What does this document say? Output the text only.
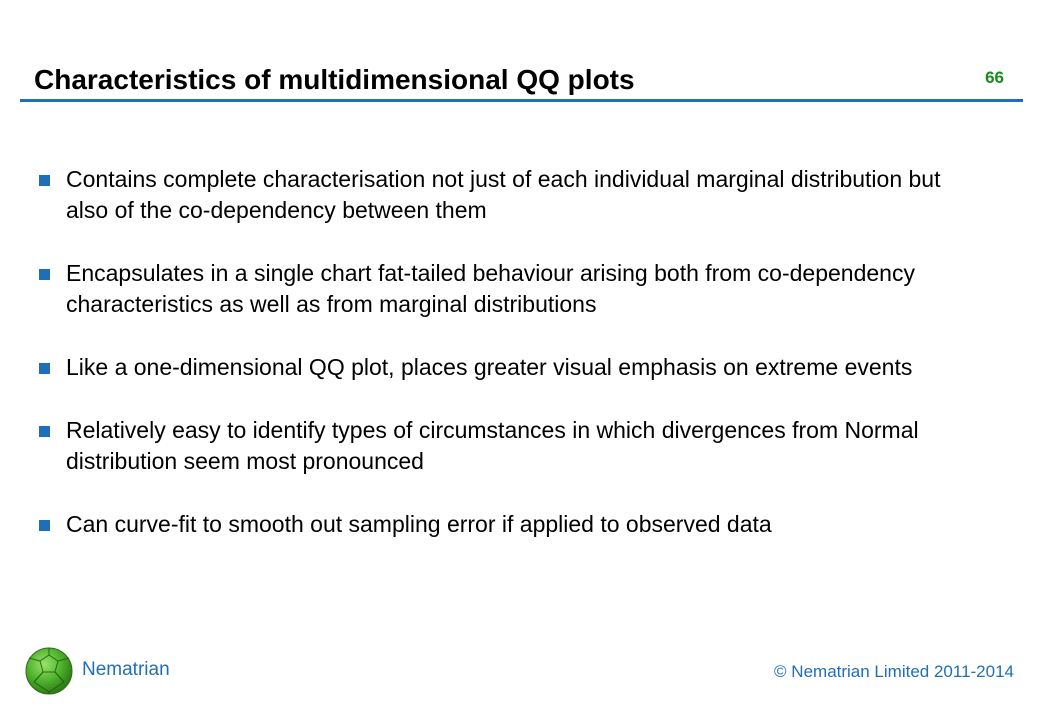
Characteristics of multidimensional QQ plots	66
Contains complete characterisation not just of each individual marginal distribution but also of the co-dependency between them
Encapsulates in a single chart fat-tailed behaviour arising both from co-dependency characteristics as well as from marginal distributions
Like a one-dimensional QQ plot, places greater visual emphasis on extreme events
Relatively easy to identify types of circumstances in which divergences from Normal distribution seem most pronounced
Can curve-fit to smooth out sampling error if applied to observed data
Nematrian	© Nematrian Limited 2011-2014
